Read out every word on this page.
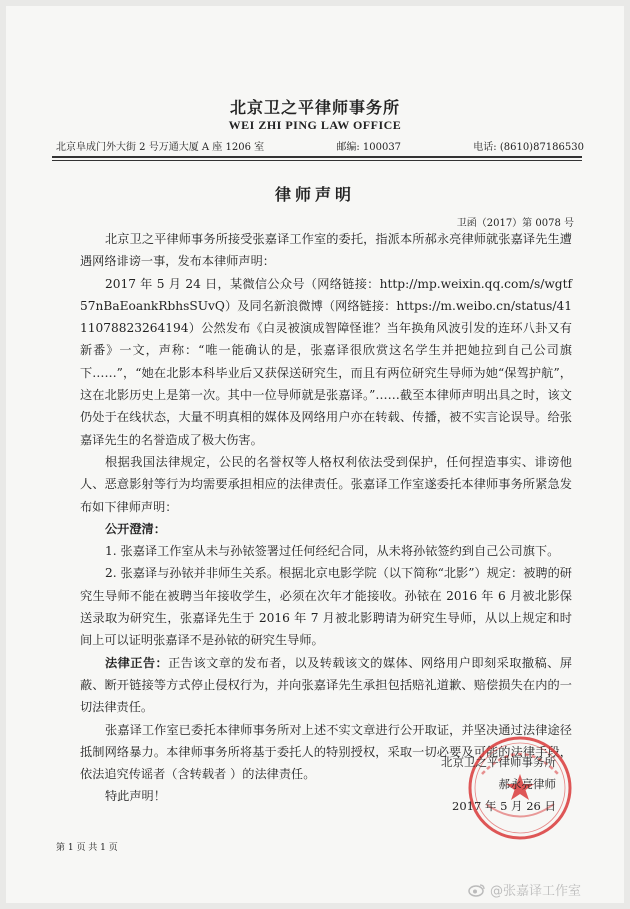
北京卫之平律师事务所
WEI ZHI PING LAW OFFICE
北京阜成门外大街 2 号万通大厦 A 座 1206 室	邮编: 100037	电话: (8610)87186530
律师声明
卫函（2017）第 0078 号

北京卫之平律师事务所接受张嘉译工作室的委托，指派本所郝永亮律师就张嘉译先生遭遇网络诽谤一事，发布本律师声明：

2017 年 5 月 24 日，某微信公众号（网络链接：http://mp.weixin.qq.com/s/wgtf57nBaEoankRbhsSUvQ）及同名新浪微博（网络链接：https://m.weibo.cn/status/4111078823264194）公然发布《白灵被演成智障怪谁？当年换角风波引发的连环八卦又有新番》一文，声称：“唯一能确认的是，张嘉译很欣赏这名学生并把她拉到自己公司旗下……”，“她在北影本科毕业后又获保送研究生，而且有两位研究生导师为她“保驾护航”，这在北影历史上是第一次。其中一位导师就是张嘉译。”……截至本律师声明出具之时，该文仍处于在线状态，大量不明真相的媒体及网络用户亦在转载、传播，被不实言论误导。给张嘉译先生的名誉造成了极大伤害。

根据我国法律规定，公民的名誉权等人格权利依法受到保护，任何捏造事实、诽谤他人、恶意影射等行为均需要承担相应的法律责任。张嘉译工作室遂委托本律师事务所紧急发布如下律师声明：

公开澄清：

1. 张嘉译工作室从未与孙铱签署过任何经纪合同，从未将孙铱签约到自己公司旗下。

2. 张嘉译与孙铱并非师生关系。根据北京电影学院（以下简称“北影”）规定：被聘的研究生导师不能在被聘当年接收学生，必须在次年才能接收。孙铱在 2016 年 6 月被北影保送录取为研究生，张嘉译先生于 2016 年 7 月被北影聘请为研究生导师，从以上规定和时间上可以证明张嘉译不是孙铱的研究生导师。

法律正告：正告该文章的发布者，以及转载该文的媒体、网络用户即刻采取撤稿、屏蔽、断开链接等方式停止侵权行为，并向张嘉译先生承担包括赔礼道歉、赔偿损失在内的一切法律责任。

张嘉译工作室已委托本律师事务所对上述不实文章进行公开取证，并坚决通过法律途径抵制网络暴力。本律师事务所将基于委托人的特别授权，采取一切必要及可能的法律手段，依法追究传谣者（含转载者 ）的法律责任。

特此声明！

北京卫之平律师事务所
郝永亮律师
2017 年 5 月 26 日
第 1 页 共 1 页
@张嘉译工作室
